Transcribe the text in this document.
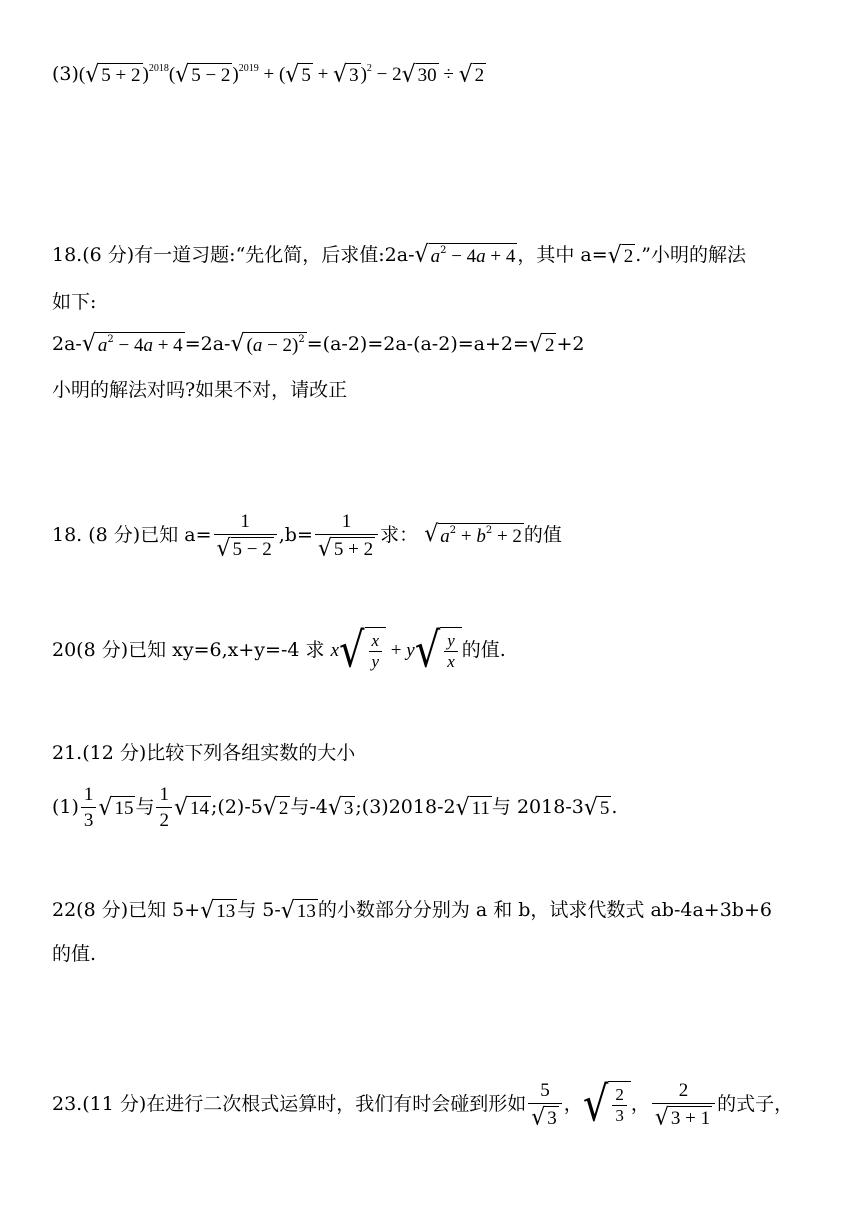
(3)( √ 5 + 2 )$^{2018}$( √ 5 − 2 )$^{2019}$ + ( √ 5 + √ 3 )$^2$ − 2 √ 30 ÷ √ 2
18.(6 分)有一道习题:“先化简，后求值:2a- √ $a^2 - 4a + 4$ ，其中 a= √ 2 .”小明的解法
如下:
2a- √ $a^2 - 4a + 4 =2a-$ √ $(a - 2)^2 =(a-2)=2a-(a-2)=a+2=$ √ 2 +2
小明的解法对吗?如果不对，请改正
18. (8 分)已知 $a= \frac{1}{√ 5 - 2} ,b= \frac{1}{√ 5 + 2}$ 求： √ $a^2 + b^2 + 2$ 的值
20(8 分)已知 xy=6,x+y=-4 求 x √ $\frac{x}{y} + y$ √ $\frac{y}{x}$ 的值.
21.(12 分)比较下列各组实数的大小
$(1) \frac{1}{3}$ √ 15 与 $\frac{1}{2}$ √ 14 ;(2)-5 √ 2 与-4 √ 3 ;(3)2018-2 √ 11 与 2018-3 √ 5 .
22(8 分)已知 5+ √ 13 与 5- √ 13 的小数部分分别为 a 和 b，试求代数式 ab-4a+3b+6
的值.
23.(11 分)在进行二次根式运算时，我们有时会碰到形如 $\frac{5}{√ 3}$ ， √ $\frac{2}{3}$ ， $\frac{2}{√ 3 + 1}$ 的式子，
